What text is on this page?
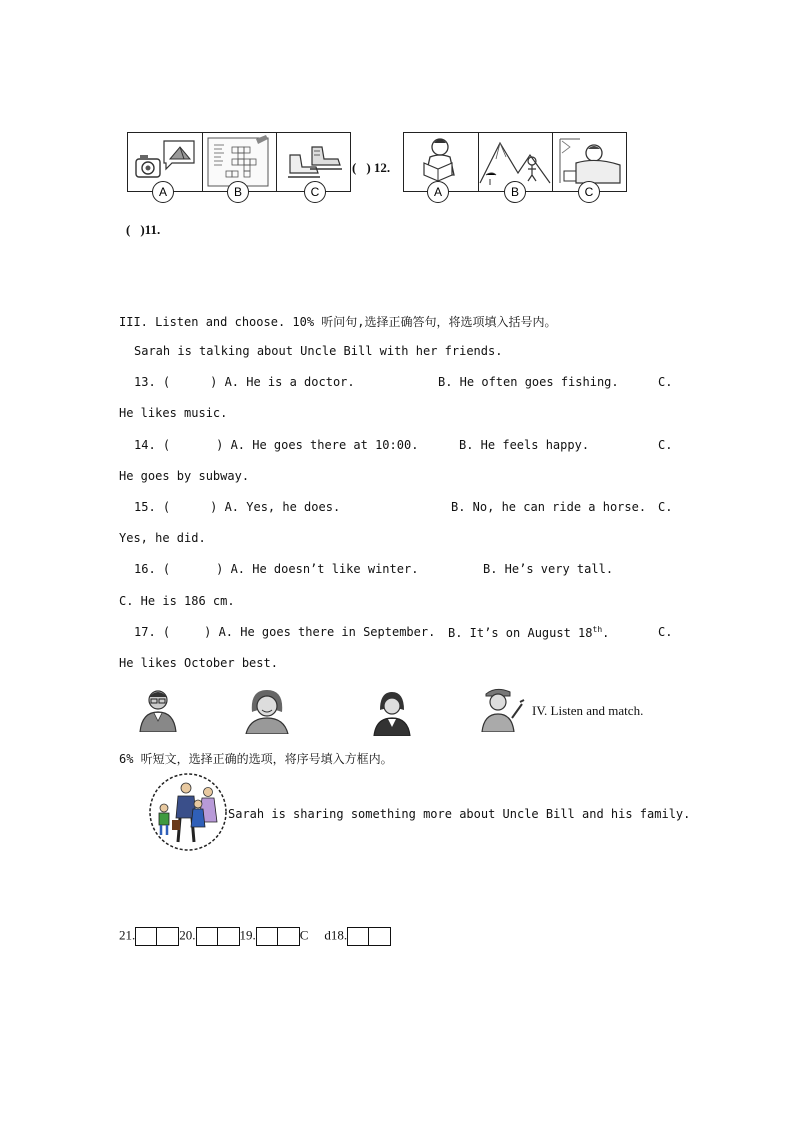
A	B	C
( ) 12.
A	B	C
( )11.
III. Listen and choose. 10% 听问句,选择正确答句，将选项填入括号内。
Sarah is talking about Uncle Bill with her friends.
13. (	) A. He is a doctor.	B. He often goes fishing.	C.
He likes music.
14. (	) A. He goes there at 10:00.	B. He feels happy.	C.
He goes by subway.
15. (	) A. Yes, he does.	B. No, he can ride a horse. C.
Yes, he did.
16. (	) A. He doesn’t like winter.	B. He’s very tall.
C. He is 186 cm.
17. (	) A. He goes there in September. B. It’s on August 18th.	C.
He likes October best.
IV. Listen and match.
6% 听短文，选择正确的选项，将序号填入方框内。
Sarah is sharing something more about Uncle Bill and his family.
21.	20.	19.	C d18.
